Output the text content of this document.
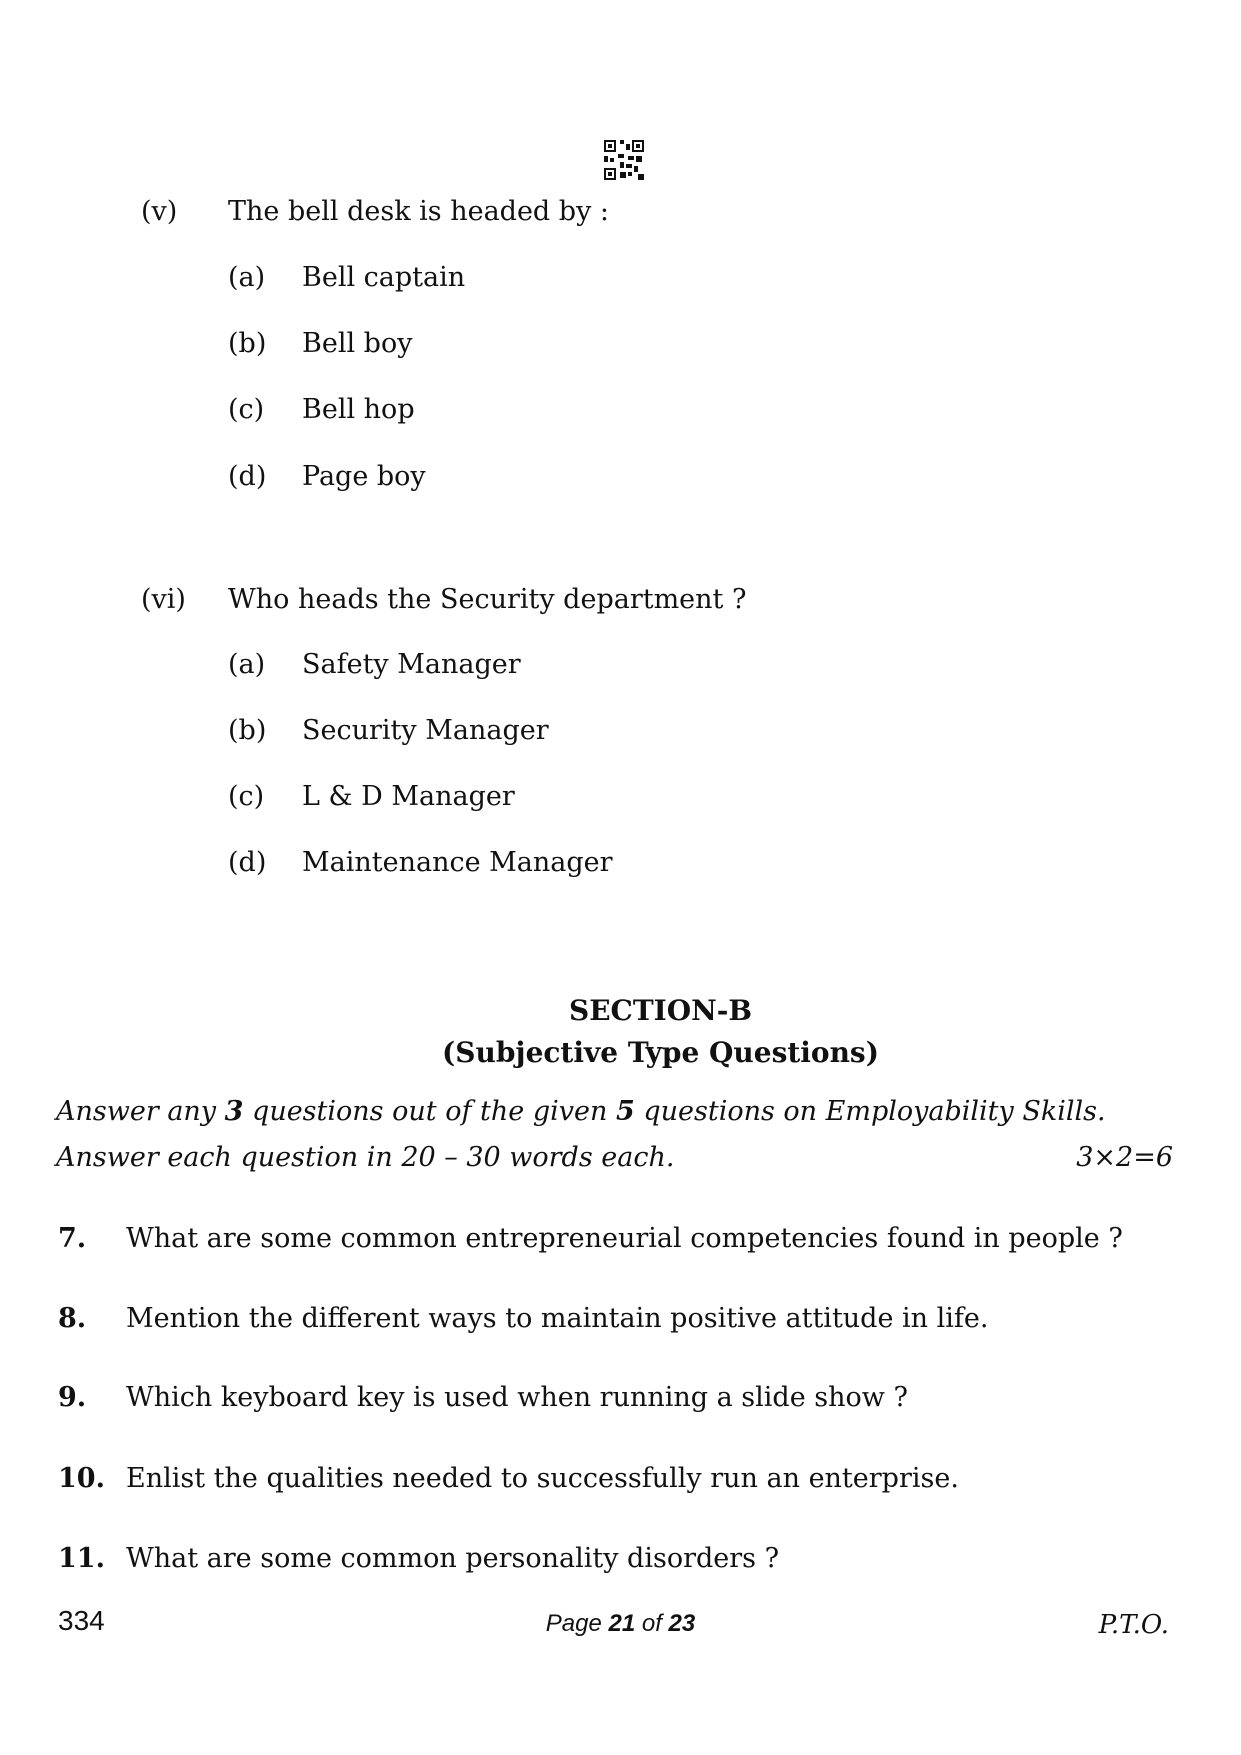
(v) The bell desk is headed by :
(a) Bell captain
(b) Bell boy
(c) Bell hop
(d) Page boy
(vi) Who heads the Security department ?
(a) Safety Manager
(b) Security Manager
(c) L & D Manager
(d) Maintenance Manager
SECTION-B
(Subjective Type Questions)
Answer any 3 questions out of the given 5 questions on Employability Skills.
Answer each question in 20 – 30 words each.	3×2=6
7. What are some common entrepreneurial competencies found in people ?
8. Mention the different ways to maintain positive attitude in life.
9. Which keyboard key is used when running a slide show ?
10. Enlist the qualities needed to successfully run an enterprise.
11. What are some common personality disorders ?
334	Page 21 of 23	P.T.O.
